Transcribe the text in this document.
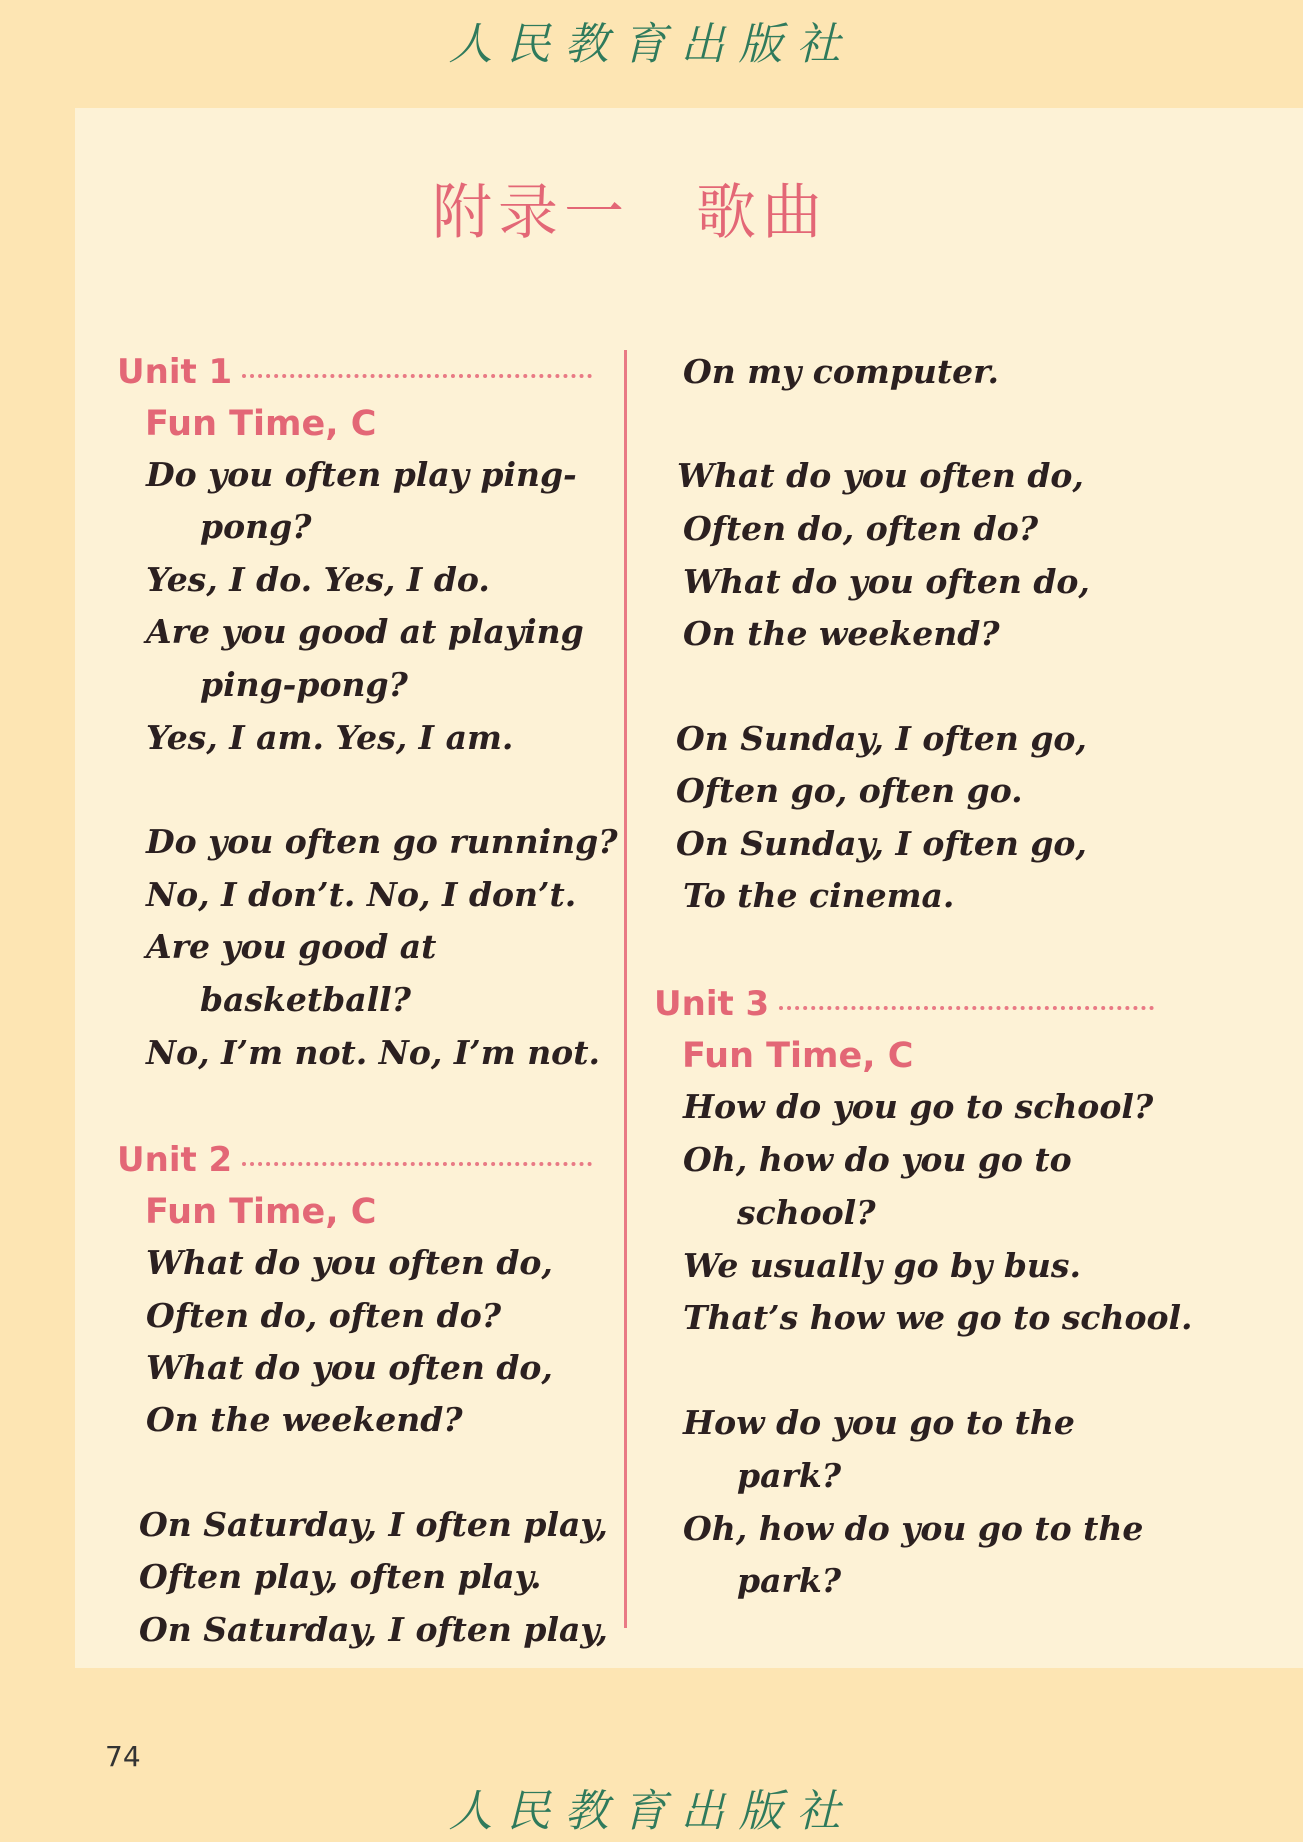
人民教育出版社
附录一　歌曲
Unit 1
Fun Time, C
Do you often play ping-
pong?
Yes, I do. Yes, I do.
Are you good at playing
ping-pong?
Yes, I am. Yes, I am.
Do you often go running?
No, I don’t. No, I don’t.
Are you good at
basketball?
No, I’m not. No, I’m not.
Unit 2
Fun Time, C
What do you often do,
Often do, often do?
What do you often do,
On the weekend?
On Saturday, I often play,
Often play, often play.
On Saturday, I often play,
On my computer.
What do you often do,
Often do, often do?
What do you often do,
On the weekend?
On Sunday, I often go,
Often go, often go.
On Sunday, I often go,
To the cinema.
Unit 3
Fun Time, C
How do you go to school?
Oh, how do you go to
school?
We usually go by bus.
That’s how we go to school.
How do you go to the
park?
Oh, how do you go to the
park?
74
人民教育出版社
